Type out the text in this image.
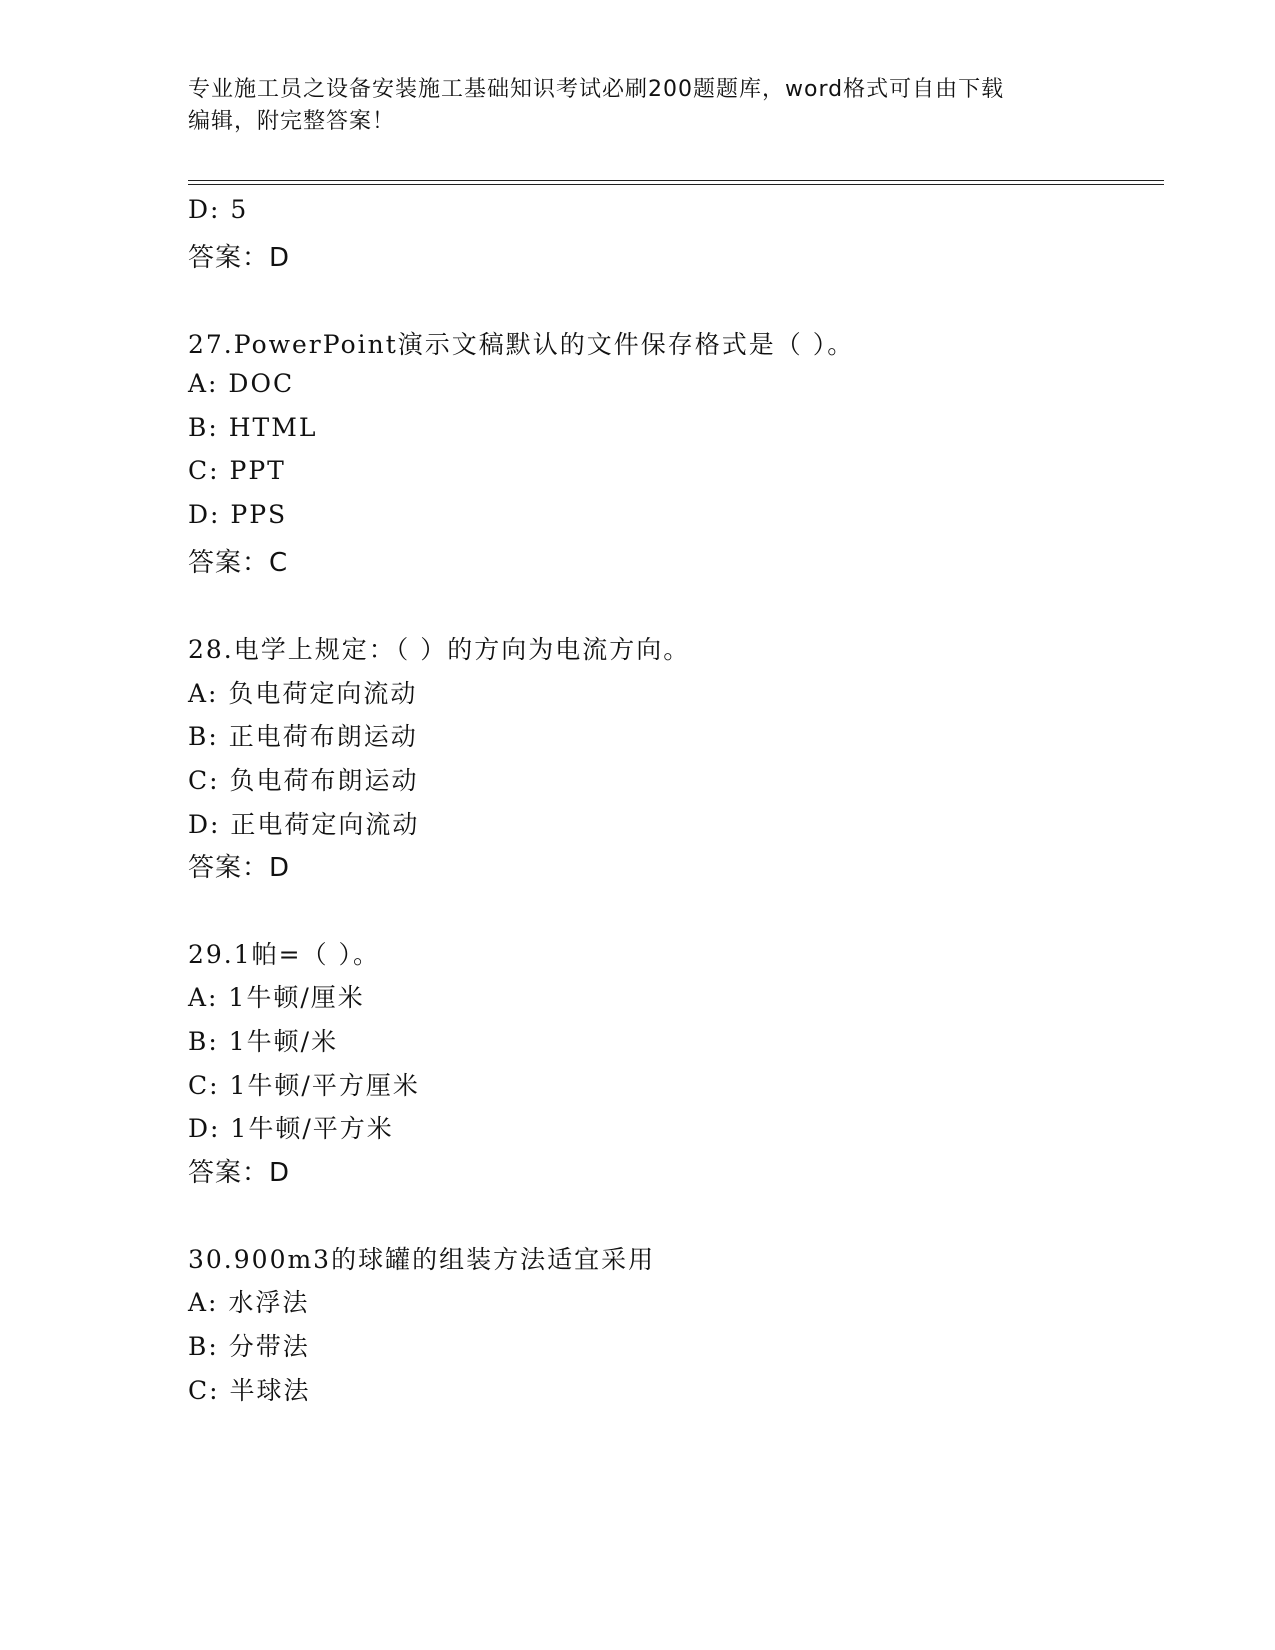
专业施工员之设备安装施工基础知识考试必刷200题题库，word格式可自由下载
编辑，附完整答案！
D: 5
答案：D
27.PowerPoint演示文稿默认的文件保存格式是（ ）。
A: DOC
B: HTML
C: PPT
D: PPS
答案：C
28.电学上规定：（ ）的方向为电流方向。
A: 负电荷定向流动
B: 正电荷布朗运动
C: 负电荷布朗运动
D: 正电荷定向流动
答案：D
29.1帕=（ ）。
A: 1牛顿/厘米
B: 1牛顿/米
C: 1牛顿/平方厘米
D: 1牛顿/平方米
答案：D
30.900m3的球罐的组装方法适宜采用
A: 水浮法
B: 分带法
C: 半球法
